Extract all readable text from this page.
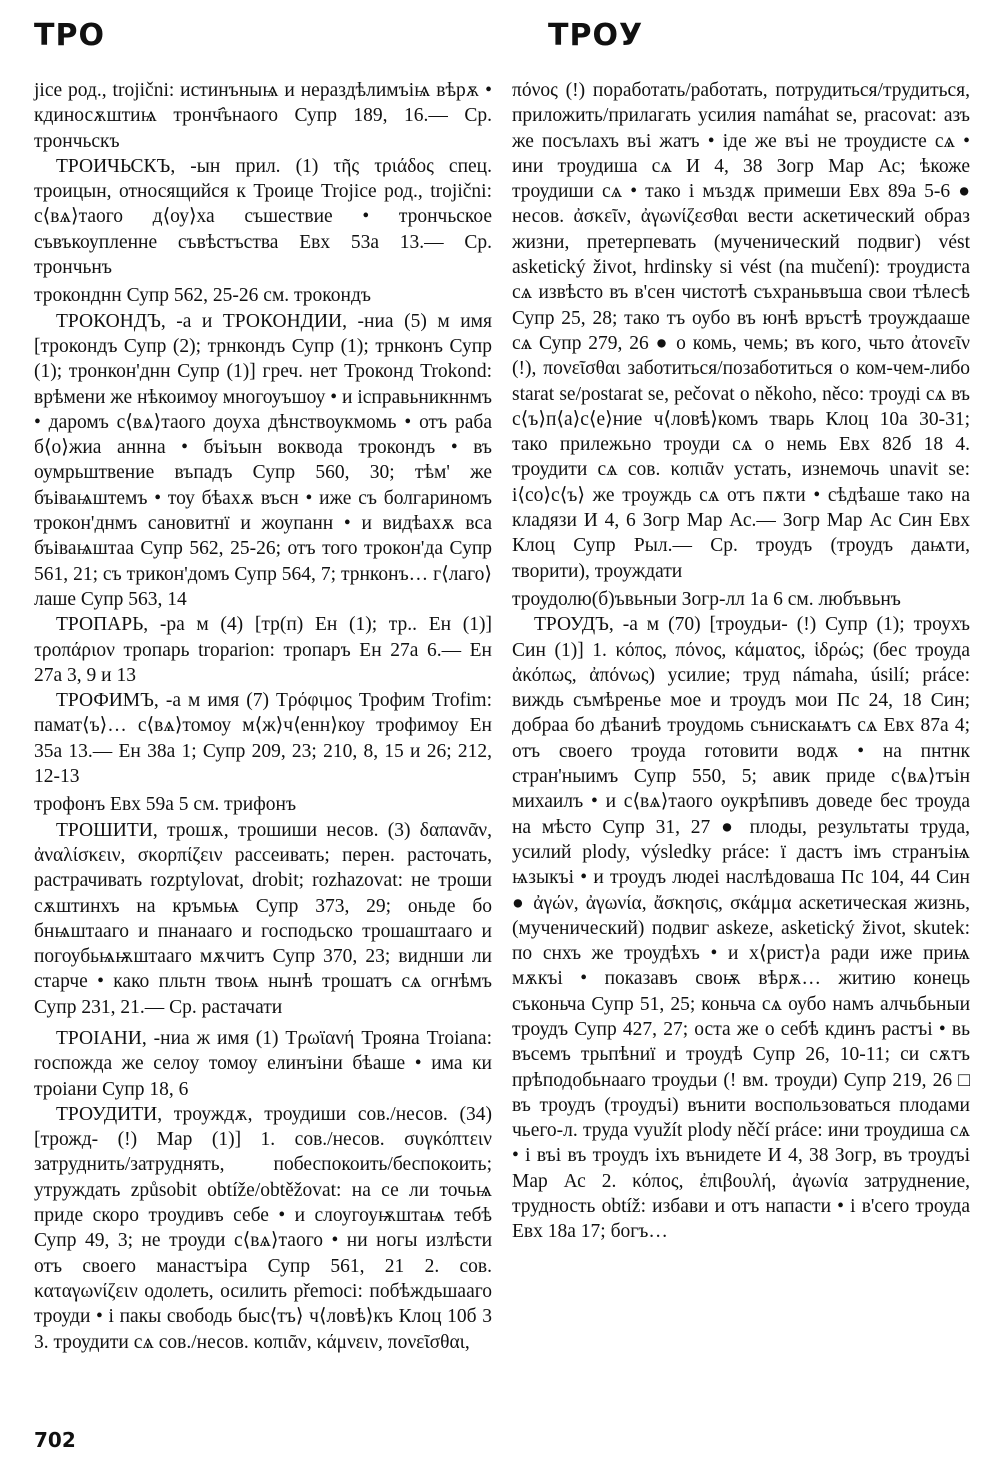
ТРО	ТРОУ

jice род., trojični: истинъныѩ и нераздѣлимъіѩ вѣрѫ • кдиносѫштиѩ тронч҄ънаого Супр 189, 16.— Ср. трончьскъ

ТРОИЧЬСКЪ, -ын прил. (1) τῆς τριάδος спец. троицын, относящийся к Троице Trojice род., trojični: с⟨вѧ⟩таого д⟨оу⟩ха съшествие • трончьское съвъкоупленне съвѣстъства Евх 53а 13.— Ср. трончьнъ

троконднн Супр 562, 25-26 см. трокондъ

ТРОКОНДЪ, -а и ТРОКОНДИИ, -ниа (5) м имя [трокондъ Супр (2); трнкондъ Супр (1); трнконъ Супр (1); тронкон'днн Супр (1)] греч. нет Троконд Trokond: врѣмени же нѣкоимоу многоуъшоу • и ісправьникннмъ • даромъ с⟨вѧ⟩таого доуха дѣнствоукмомь • отъ раба б⟨о⟩жиа аннна • бъіъын воквода трокондъ • въ оумрьштвение въпадъ Супр 560, 30; тѣм' же бъіваѩштемъ • тоу бѣахѫ въсн • иже съ болгариномъ трокон'днмъ сановитнї и жоупанн • и видѣахѫ вса бъіваѩштаа Супр 562, 25-26; отъ того трокон'да Супр 561, 21; съ трикон'домъ Супр 564, 7; трнконъ… г⟨лаго⟩лаше Супр 563, 14

ТРОПАРЬ, -ра м (4) [тр(п) Ен (1); тр.. Ен (1)] τροπάριον тропарь troparion: тропаръ Ен 27а 6.— Ен 27а 3, 9 и 13

ТРОФИМЪ, -а м имя (7) Τρόφιμος Трофим Trofim: памат⟨ъ⟩… с⟨вѧ⟩томоу м⟨ж⟩ч⟨енн⟩коу трофимоу Ен 35а 13.— Ен 38а 1; Супр 209, 23; 210, 8, 15 и 26; 212, 12-13

трофонъ Евх 59а 5 см. трифонъ

ТРОШИТИ, трошѫ, трошиши несов. (3) δαπανᾶν, ἀναλίσκειν, σκορπίζειν рассеивать; перен. расточать, растрачивать rozptylovat, drobit; rozhazovat: не троши сѫштинхъ на кръмьѩ Супр 373, 29; оньде бо бнѩштааго и пнанааго и господьско трошаштааго и погоубьѩѭштааго мѫчитъ Супр 370, 23; виднши ли старче • како пльтн твоѩ нынѣ трошатъ сѧ огнѣмъ Супр 231, 21.— Ср. растачати

ТРОIАНИ, -ниа ж имя (1) Τρωϊανή Трояна Troiana: госпожда же селоу томоу елинъіни бѣаше • има ки троiани Супр 18, 6

ТРОУДИТИ, троуждѫ, троудиши сов./несов. (34) [трожд- (!) Мар (1)] 1. сов./несов. συγκόπτειν затруднить/затруднять, побеспокоить/беспокоить; утруждать způsobit obtíže/obtěžovat: на се ли точьѩ приде скоро троудивъ себе • и слоугоуѭштаѩ тебѣ Супр 49, 3; не троуди с⟨вѧ⟩таого • ни ногы излѣсти отъ своего манастъіра Супр 561, 21 2. сов. καταγωνίζειν одолеть, осилить přemoci: побѣждьшааго троуди • і пакы свободь быс⟨тъ⟩ ч⟨ловѣ⟩къ Клоц 10б 3 3. троудити сѧ сов./несов. κοπιᾶν, κάμνειν, πονεῖσθαι,

πόνος (!) поработать/работать, потрудиться/трудиться, приложить/прилагать усилия namáhat se, pracovat: азъ же посълахъ въі жатъ • іде же въі не троудисте сѧ • ини троудиша сѧ И 4, 38 Зогр Мар Ас; ѣкоже троудиши сѧ • тако і мъздѫ примеши Евх 89а 5-6 ● несов. ἀσκεῖν, ἀγωνίζεσθαι вести аскетический образ жизни, претерпевать (мученический подвиг) vést asketický život, hrdinsky si vést (na mučení): троудиста сѧ извѣсто въ в'сен чистотѣ съхраньвъша свои тѣлесѣ Супр 25, 28; тако тъ оубо въ юнѣ връстѣ троуждааше сѧ Супр 279, 26 ● о комь, чемь; въ кого, чьто ἀτονεῖν (!), πονεῖσθαι заботиться/позаботиться о ком-чем-либо starat se/postarat se, pečovat o někoho, něco: троуді сѧ въ с⟨ъ⟩п⟨а⟩с⟨е⟩ние ч⟨ловѣ⟩комъ тварь Клоц 10а 30-31; тако прилежьно троуди сѧ о немь Евх 82б 18 4. троудити сѧ сов. κοπιᾶν устать, изнемочь unavit se: і⟨со⟩с⟨ъ⟩ же троуждь сѧ отъ пѫти • сѣдѣаше тако на кладязи И 4, 6 Зогр Мар Ас.— Зогр Мар Ас Син Евх Клоц Супр Рыл.— Ср. троудъ (троудъ даѩти, творити), троуждати

троудолю(б)ъвьныи Зогр-лл 1а 6 см. любъвьнъ

ТРОУДЪ, -а м (70) [троудьи- (!) Супр (1); троухъ Син (1)] 1. κόπος, πόνος, κάματος, ἱδρώς; (бес троуда ἀκόπως, ἀπόνως) усилие; труд námaha, úsilí; práce: виждь съмѣренье мое и троудъ мои Пс 24, 18 Син; добраа бо дѣаниѣ троудомь съниcкаѩтъ сѧ Евх 87а 4; отъ своего троуда готовити водѫ • на пнтнк стран'ныимъ Супр 550, 5; авик приде с⟨вѧ⟩тъін михаилъ • и с⟨вѧ⟩таого оукрѣпивъ доведе бес троуда на мѣсто Супр 31, 27 ● плоды, результаты труда, усилий plody, výsledky práce: ї дастъ імъ странъіѩ ѩзыкъі • и троудъ людеі наслѣдоваша Пс 104, 44 Син ● ἀγών, ἀγωνία, ἄσκησις, σκάμμα аскетическая жизнь, (мученический) подвиг askeze, asketický život, skutek: по снхъ же троудѣхъ • и х⟨рист⟩а ради иже приѩ мѫкъі • показавъ своѭ вѣрѫ… житию конець съконьча Супр 51, 25; коньча сѧ оубо намъ алчьбьныи троудъ Супр 427, 27; оста же о себѣ кдинъ растъі • вь въсемъ трьпѣниї и троудѣ Супр 26, 10-11; си сѫтъ прѣподобьнааго троудьи (! вм. троуди) Супр 219, 26 □ въ троудъ (троудъі) вънити воспользоваться плодами чьего-л. труда využít plody něčí práce: ини троудиша сѧ • і въі въ троудъ іхъ вънидете И 4, 38 Зогр, въ троудъі Мар Ас 2. κόπος, ἐπιβουλή, ἀγωνία затруднение, трудность obtíž: избави и отъ напасти • і в'сего троуда Евх 18а 17; богъ…

702
